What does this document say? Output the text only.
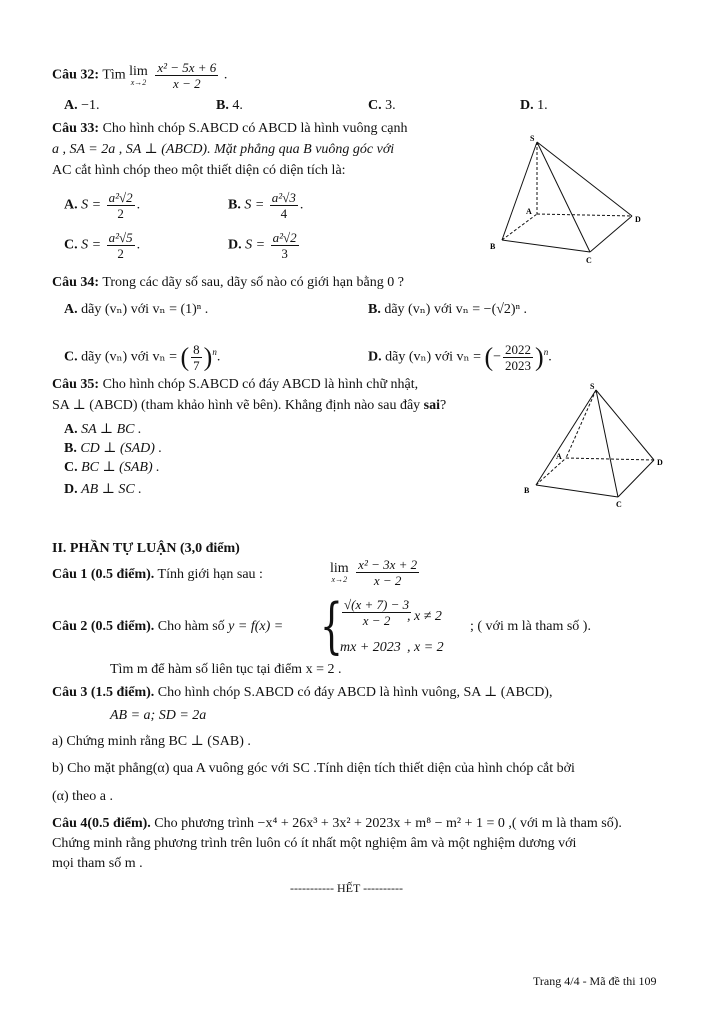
Câu 32: Tìm lim
x→2
$\frac{\text{x² − 5x + 6}}{x - 2}$ .
A. −1.	B. 4.	C. 3.	D. 1.
Câu 33: Cho hình chóp S.ABCD có ABCD là hình vuông cạnh
a , SA = 2a , SA ⊥ (ABCD). Mặt phẳng qua B vuông góc với
AC cắt hình chóp theo một thiết diện có diện tích là:
A. $S = \frac{\text{a²√2}}{2}$ .	B. $S = \frac{\text{a²√3}}{4}$ .
C. $S = \frac{\text{a²√5}}{2}$ .	D. $S = \frac{\text{a²√2}}{3}$
S
A
B
C
D
Câu 34: Trong các dãy số sau, dãy số nào có giới hạn bằng 0 ?
A. dãy (vₙ) với vₙ = (1)ⁿ .	B. dãy (vₙ) với vₙ = −(√2)ⁿ .
C. dãy (vₙ) với vₙ = ( $\frac{8}{7} )^n$.	D. dãy (vₙ) với vₙ = (− $\frac{2022}{2023} )^n$.
Câu 35: Cho hình chóp S.ABCD có đáy ABCD là hình chữ nhật,
SA ⊥ (ABCD) (tham khảo hình vẽ bên). Khẳng định nào sau đây sai?
A. SA ⊥ BC .
B. CD ⊥ (SAD) .
C. BC ⊥ (SAB) .
D. AB ⊥ SC .
S
A
B
C
D
II. PHẦN TỰ LUẬN (3,0 điểm)
Câu 1 (0.5 điểm). Tính giới hạn sau :	lim
x→2
$\frac{\text{x² − 3x + 2}}{x - 2}$
Câu 2 (0.5 điểm). Cho hàm số y = f(x) = { $\frac{√(x + 7) - 3}{x - 2}$
, x ≠ 2
mx + 2023 , x = 2
; ( với m là tham số ).
Tìm m để hàm số liên tục tại điểm x = 2 .
Câu 3 (1.5 điểm). Cho hình chóp S.ABCD có đáy ABCD là hình vuông, SA ⊥ (ABCD),
AB = a; SD = 2a
a) Chứng minh rằng BC ⊥ (SAB) .
b) Cho mặt phẳng(α) qua A vuông góc với SC .Tính diện tích thiết diện của hình chóp cắt bởi
(α) theo a .
Câu 4(0.5 điểm). Cho phương trình −x⁴ + 26x³ + 3x² + 2023x + m⁸ − m² + 1 = 0 ,( với m là tham số).
Chứng minh rằng phương trình trên luôn có ít nhất một nghiệm âm và một nghiệm dương với
mọi tham số m .
----------- HẾT ----------
Trang 4/4 - Mã đề thi 109
